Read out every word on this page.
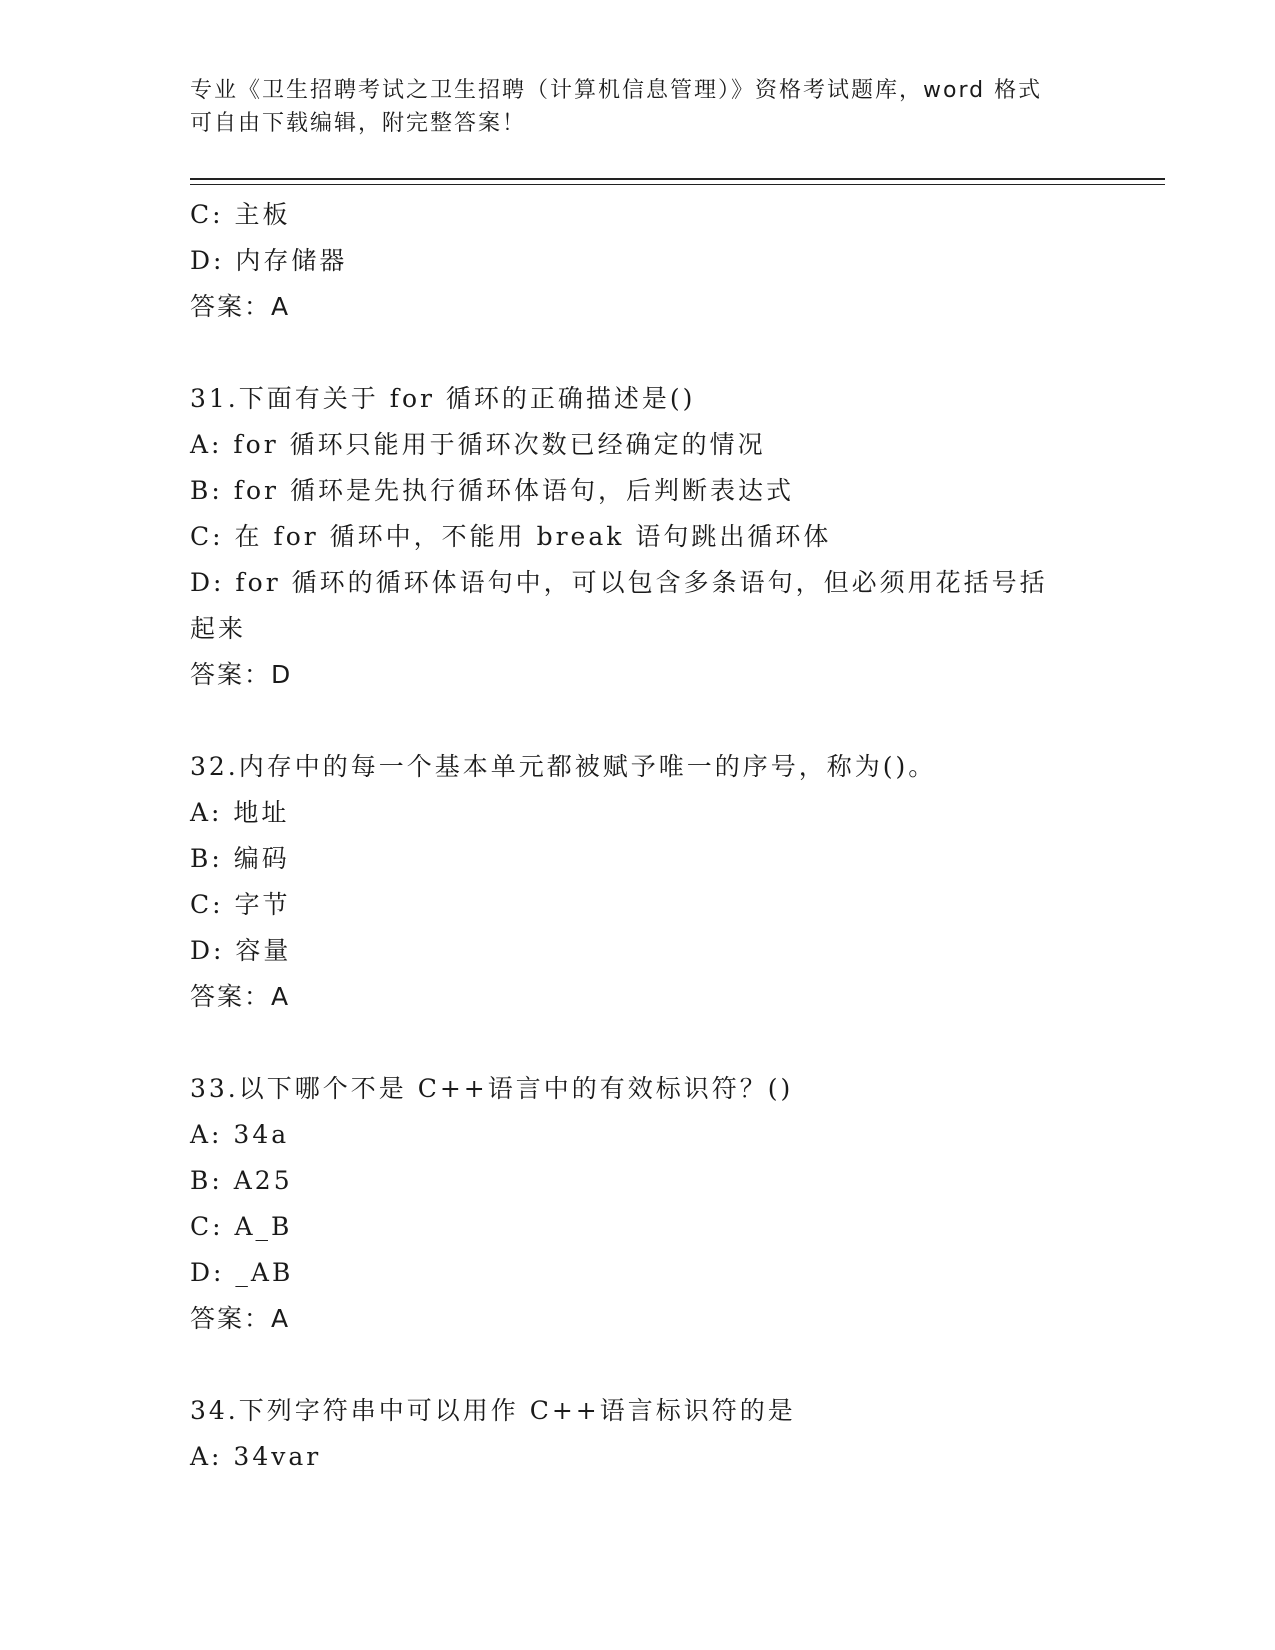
专业《卫生招聘考试之卫生招聘（计算机信息管理）》资格考试题库，word 格式
可自由下载编辑，附完整答案！
C: 主板
D: 内存储器
答案：A
31.下面有关于 for 循环的正确描述是()
A: for 循环只能用于循环次数已经确定的情况
B: for 循环是先执行循环体语句，后判断表达式
C: 在 for 循环中，不能用 break 语句跳出循环体
D: for 循环的循环体语句中，可以包含多条语句，但必须用花括号括
起来
答案：D
32.内存中的每一个基本单元都被赋予唯一的序号，称为()。
A: 地址
B: 编码
C: 字节
D: 容量
答案：A
33.以下哪个不是 C++语言中的有效标识符？()
A: 34a
B: A25
C: A_B
D: _AB
答案：A
34.下列字符串中可以用作 C++语言标识符的是
A: 34var
